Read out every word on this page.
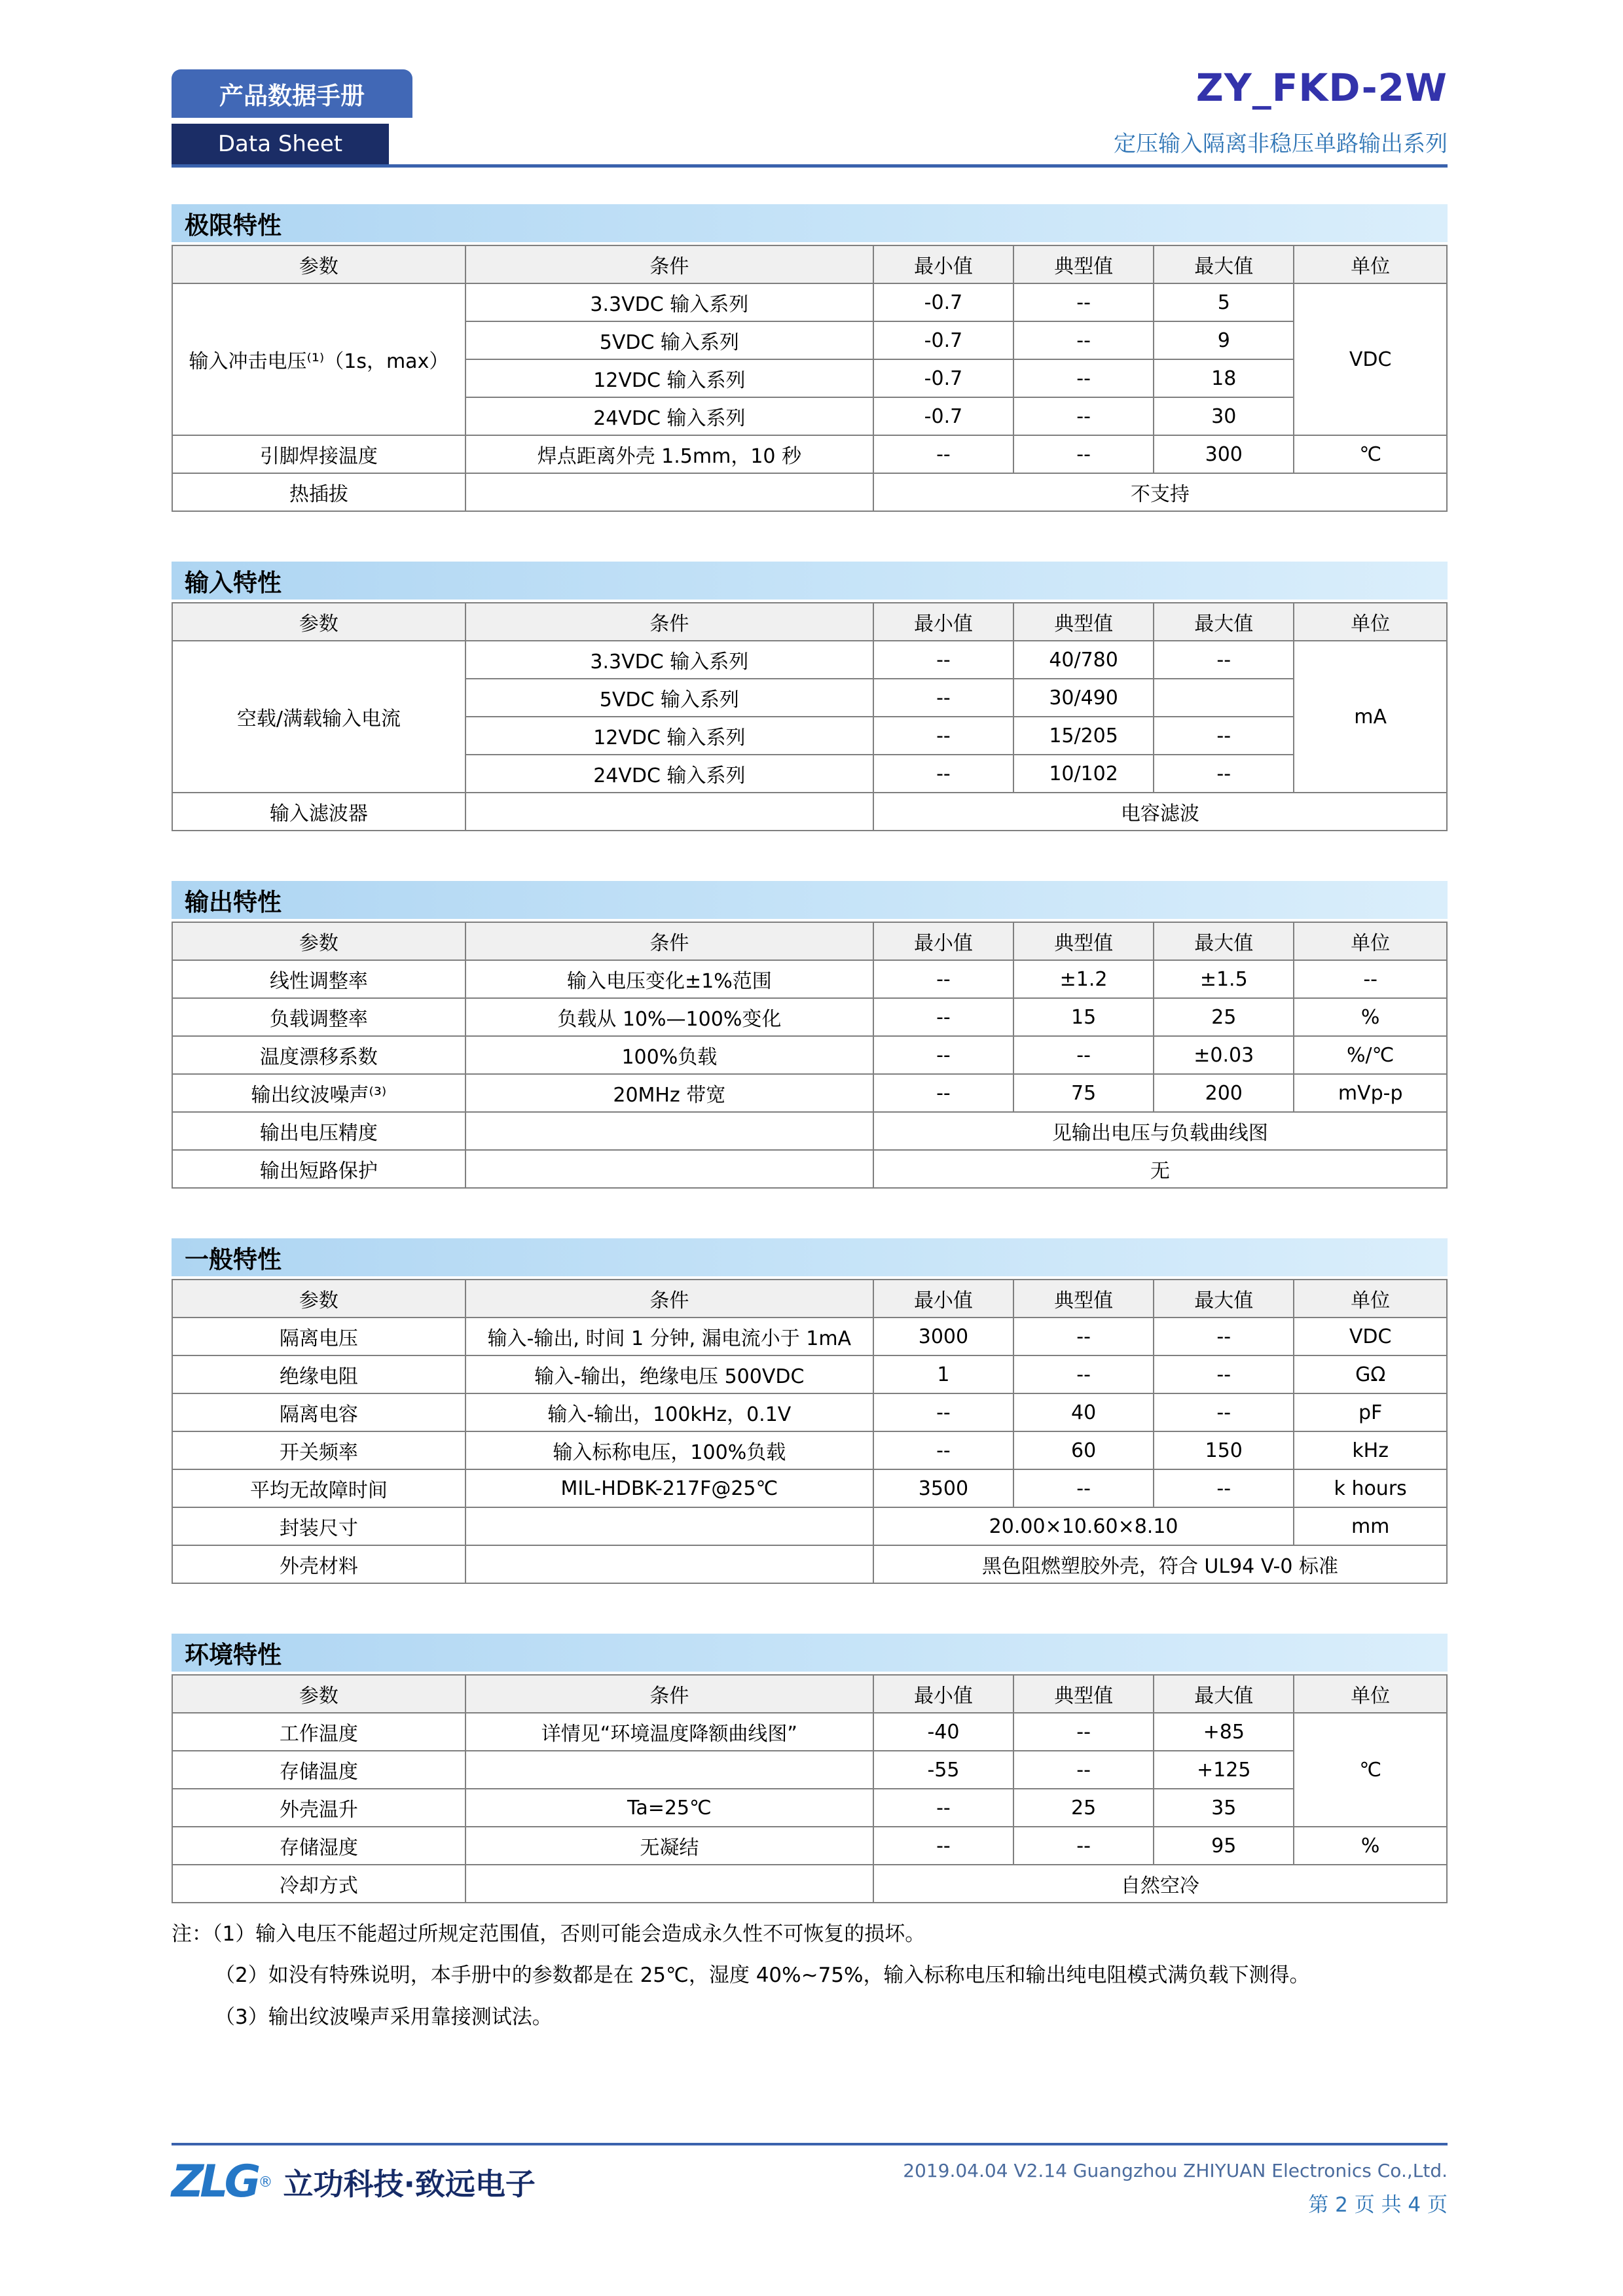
产品数据手册
Data Sheet
ZY_FKD-2W
定压输入隔离非稳压单路输出系列
极限特性
参数	条件	最小值	典型值	最大值	单位
输入冲击电压⁽¹⁾（1s，max）	3.3VDC 输入系列	-0.7	--	5	VDC
	5VDC 输入系列	-0.7	--	9	
	12VDC 输入系列	-0.7	--	18	
	24VDC 输入系列	-0.7	--	30	
引脚焊接温度	焊点距离外壳 1.5mm，10 秒	--	--	300	℃
热插拔		不支持			
输入特性
参数	条件	最小值	典型值	最大值	单位
空载/满载输入电流	3.3VDC 输入系列	--	40/780	--	mA
	5VDC 输入系列	--	30/490		
	12VDC 输入系列	--	15/205	--	
	24VDC 输入系列	--	10/102	--	
输入滤波器		电容滤波			
输出特性
参数	条件	最小值	典型值	最大值	单位
线性调整率	输入电压变化±1%范围	--	±1.2	±1.5	--
负载调整率	负载从 10%—100%变化	--	15	25	%
温度漂移系数	100%负载	--	--	±0.03	%/℃
输出纹波噪声⁽³⁾	20MHz 带宽	--	75	200	mVp-p
输出电压精度		见输出电压与负载曲线图			
输出短路保护		无			
一般特性
参数	条件	最小值	典型值	最大值	单位
隔离电压	输入-输出, 时间 1 分钟, 漏电流小于 1mA	3000	--	--	VDC
绝缘电阻	输入-输出，绝缘电压 500VDC	1	--	--	GΩ
隔离电容	输入-输出，100kHz，0.1V	--	40	--	pF
开关频率	输入标称电压，100%负载	--	60	150	kHz
平均无故障时间	MIL-HDBK-217F@25℃	3500	--	--	k hours
封装尺寸		20.00×10.60×8.10			mm
外壳材料		黑色阻燃塑胶外壳，符合 UL94 V-0 标准			
环境特性
参数	条件	最小值	典型值	最大值	单位
工作温度	详情见“环境温度降额曲线图”	-40	--	+85	℃
存储温度		-55	--	+125	
外壳温升	Ta=25℃	--	25	35	
存储湿度	无凝结	--	--	95	%
冷却方式		自然空冷			
注：（1）输入电压不能超过所规定范围值，否则可能会造成永久性不可恢复的损坏。
（2）如没有特殊说明，本手册中的参数都是在 25℃，湿度 40%~75%，输入标称电压和输出纯电阻模式满负载下测得。
（3）输出纹波噪声采用靠接测试法。
ZLG ® 立功科技·致远电子	2019.04.04 V2.14 Guangzhou ZHIYUAN Electronics Co.,Ltd.
第 2 页 共 4 页
